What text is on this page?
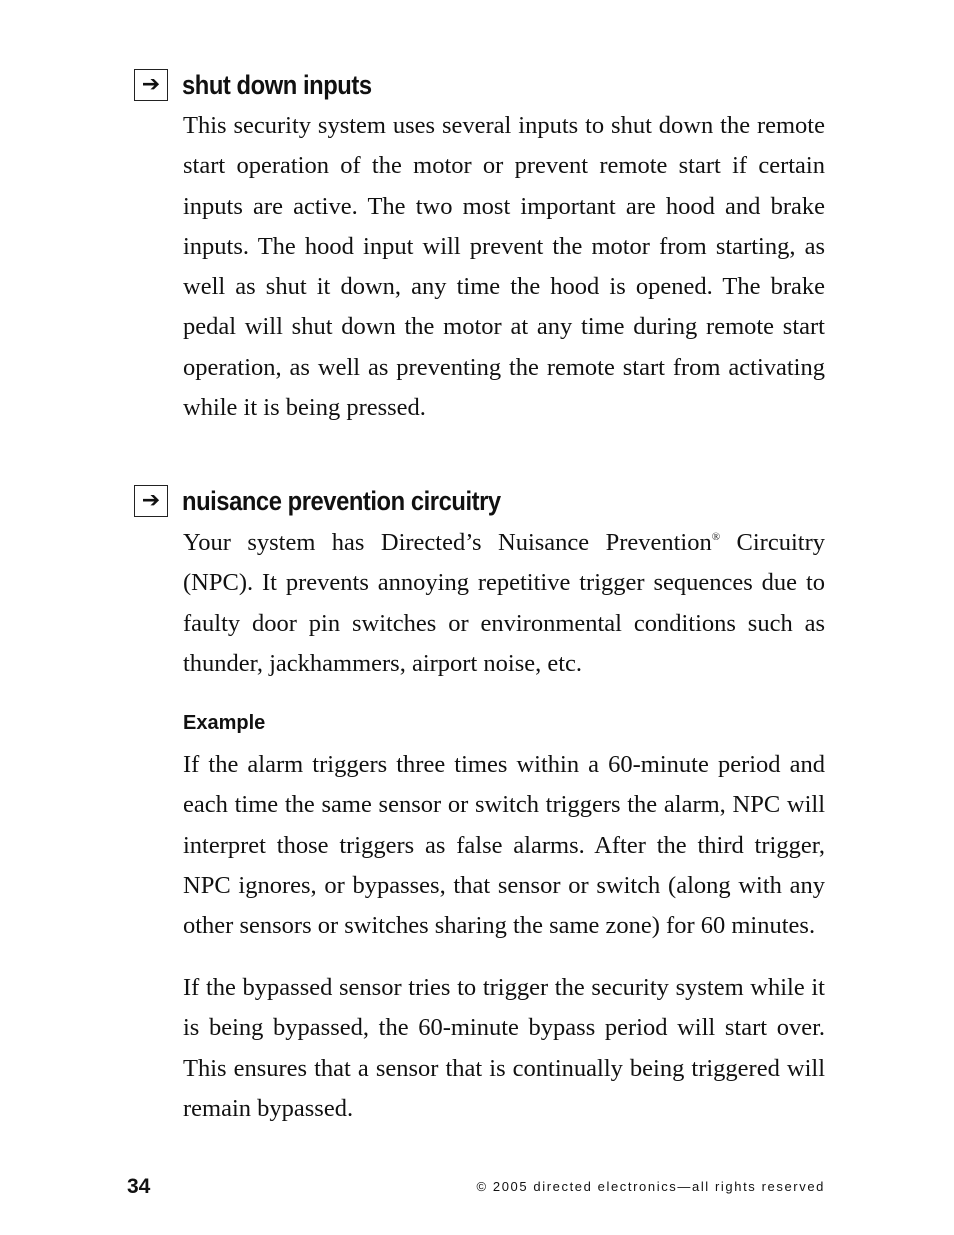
➔ shut down inputs

This security system uses several inputs to shut down the remote start operation of the motor or prevent remote start if certain inputs are active. The two most important are hood and brake inputs. The hood input will prevent the motor from starting, as well as shut it down, any time the hood is opened. The brake pedal will shut down the motor at any time during remote start operation, as well as preventing the remote start from activating while it is being pressed.

➔ nuisance prevention circuitry

Your system has Directed’s Nuisance Prevention® Circuitry (NPC). It prevents annoying repetitive trigger sequences due to faulty door pin switches or environmental conditions such as thunder, jackhammers, airport noise, etc.

Example

If the alarm triggers three times within a 60-minute period and each time the same sensor or switch triggers the alarm, NPC will interpret those triggers as false alarms. After the third trigger, NPC ignores, or bypasses, that sensor or switch (along with any other sensors or switches sharing the same zone) for 60 minutes.

If the bypassed sensor tries to trigger the security system while it is being bypassed, the 60-minute bypass period will start over. This ensures that a sensor that is continually being triggered will remain bypassed.

34	© 2005 directed electronics—all rights reserved
